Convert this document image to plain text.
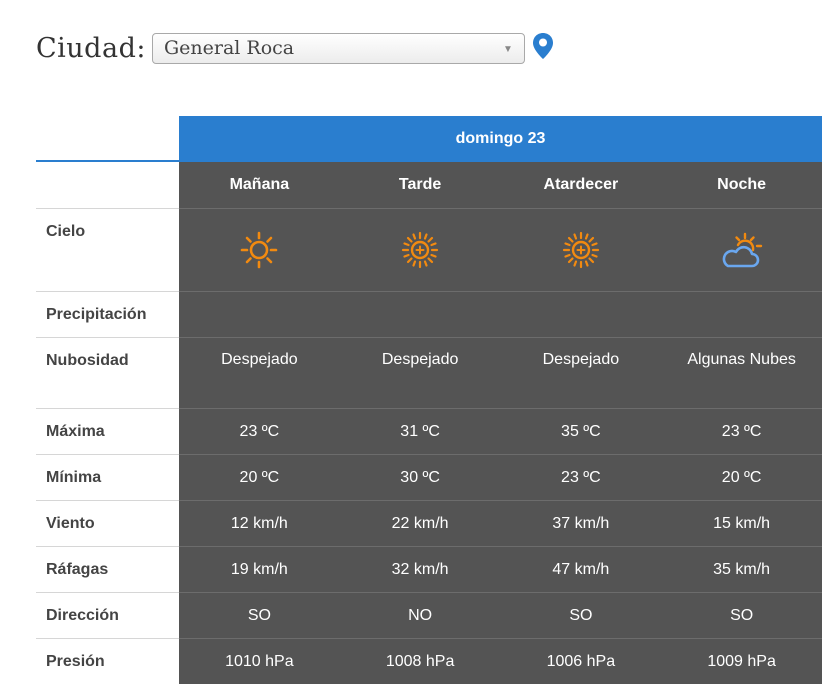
Ciudad: General Roca	▼
domingo 23
Mañana	Tarde	Atardecer	Noche
Cielo
Precipitación
Nubosidad	Despejado	Despejado	Despejado	Algunas Nubes
Máxima	23 ºC	31 ºC	35 ºC	23 ºC
Mínima	20 ºC	30 ºC	23 ºC	20 ºC
Viento	12 km/h	22 km/h	37 km/h	15 km/h
Ráfagas	19 km/h	32 km/h	47 km/h	35 km/h
Dirección	SO	NO	SO	SO
Presión	1010 hPa	1008 hPa	1006 hPa	1009 hPa
